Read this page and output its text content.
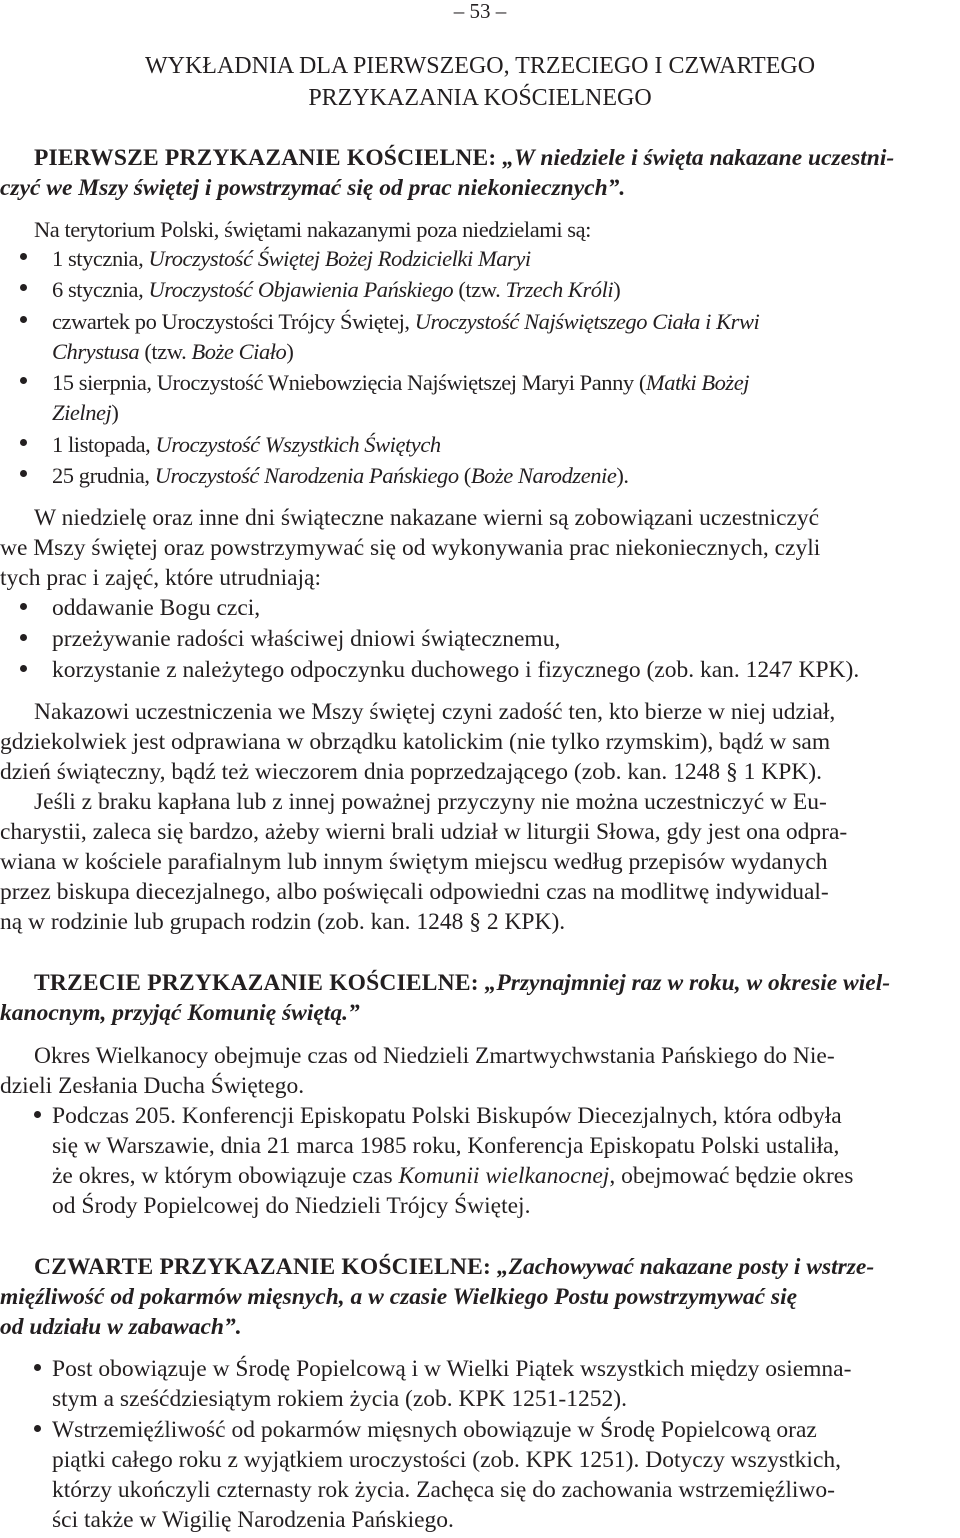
– 53 –
WYKŁADNIA DLA PIERWSZEGO, TRZECIEGO I CZWARTEGO
PRZYKAZANIA KOŚCIELNEGO
PIERWSZE PRZYKAZANIE KOŚCIELNE: „W niedziele i święta nakazane uczestni-
czyć we Mszy świętej i powstrzymać się od prac niekoniecznych”.
Na terytorium Polski, świętami nakazanymi poza niedzielami są:
1 stycznia, Uroczystość Świętej Bożej Rodzicielki Maryi
6 stycznia, Uroczystość Objawienia Pańskiego (tzw. Trzech Króli)
czwartek po Uroczystości Trójcy Świętej, Uroczystość Najświętszego Ciała i Krwi
Chrystusa (tzw. Boże Ciało)
15 sierpnia, Uroczystość Wniebowzięcia Najświętszej Maryi Panny (Matki Bożej
Zielnej)
1 listopada, Uroczystość Wszystkich Świętych
25 grudnia, Uroczystość Narodzenia Pańskiego (Boże Narodzenie).
W niedzielę oraz inne dni świąteczne nakazane wierni są zobowiązani uczestniczyć
we Mszy świętej oraz powstrzymywać się od wykonywania prac niekoniecznych, czyli
tych prac i zajęć, które utrudniają:
oddawanie Bogu czci,
przeżywanie radości właściwej dniowi świątecznemu,
korzystanie z należytego odpoczynku duchowego i fizycznego (zob. kan. 1247 KPK).
Nakazowi uczestniczenia we Mszy świętej czyni zadość ten, kto bierze w niej udział,
gdziekolwiek jest odprawiana w obrządku katolickim (nie tylko rzymskim), bądź w sam
dzień świąteczny, bądź też wieczorem dnia poprzedzającego (zob. kan. 1248 § 1 KPK).
Jeśli z braku kapłana lub z innej poważnej przyczyny nie można uczestniczyć w Eu-
charystii, zaleca się bardzo, ażeby wierni brali udział w liturgii Słowa, gdy jest ona odpra-
wiana w kościele parafialnym lub innym świętym miejscu według przepisów wydanych
przez biskupa diecezjalnego, albo poświęcali odpowiedni czas na modlitwę indywidual-
ną w rodzinie lub grupach rodzin (zob. kan. 1248 § 2 KPK).
TRZECIE PRZYKAZANIE KOŚCIELNE: „Przynajmniej raz w roku, w okresie wiel-
kanocnym, przyjąć Komunię świętą.”
Okres Wielkanocy obejmuje czas od Niedzieli Zmartwychwstania Pańskiego do Nie-
dzieli Zesłania Ducha Świętego.
Podczas 205. Konferencji Episkopatu Polski Biskupów Diecezjalnych, która odbyła
się w Warszawie, dnia 21 marca 1985 roku, Konferencja Episkopatu Polski ustaliła,
że okres, w którym obowiązuje czas Komunii wielkanocnej, obejmować będzie okres
od Środy Popielcowej do Niedzieli Trójcy Świętej.
CZWARTE PRZYKAZANIE KOŚCIELNE: „Zachowywać nakazane posty i wstrze-
mięźliwość od pokarmów mięsnych, a w czasie Wielkiego Postu powstrzymywać się
od udziału w zabawach”.
Post obowiązuje w Środę Popielcową i w Wielki Piątek wszystkich między osiemna-
stym a sześćdziesiątym rokiem życia (zob. KPK 1251-1252).
Wstrzemięźliwość od pokarmów mięsnych obowiązuje w Środę Popielcową oraz
piątki całego roku z wyjątkiem uroczystości (zob. KPK 1251). Dotyczy wszystkich,
którzy ukończyli czternasty rok życia. Zachęca się do zachowania wstrzemięźliwo-
ści także w Wigilię Narodzenia Pańskiego.
